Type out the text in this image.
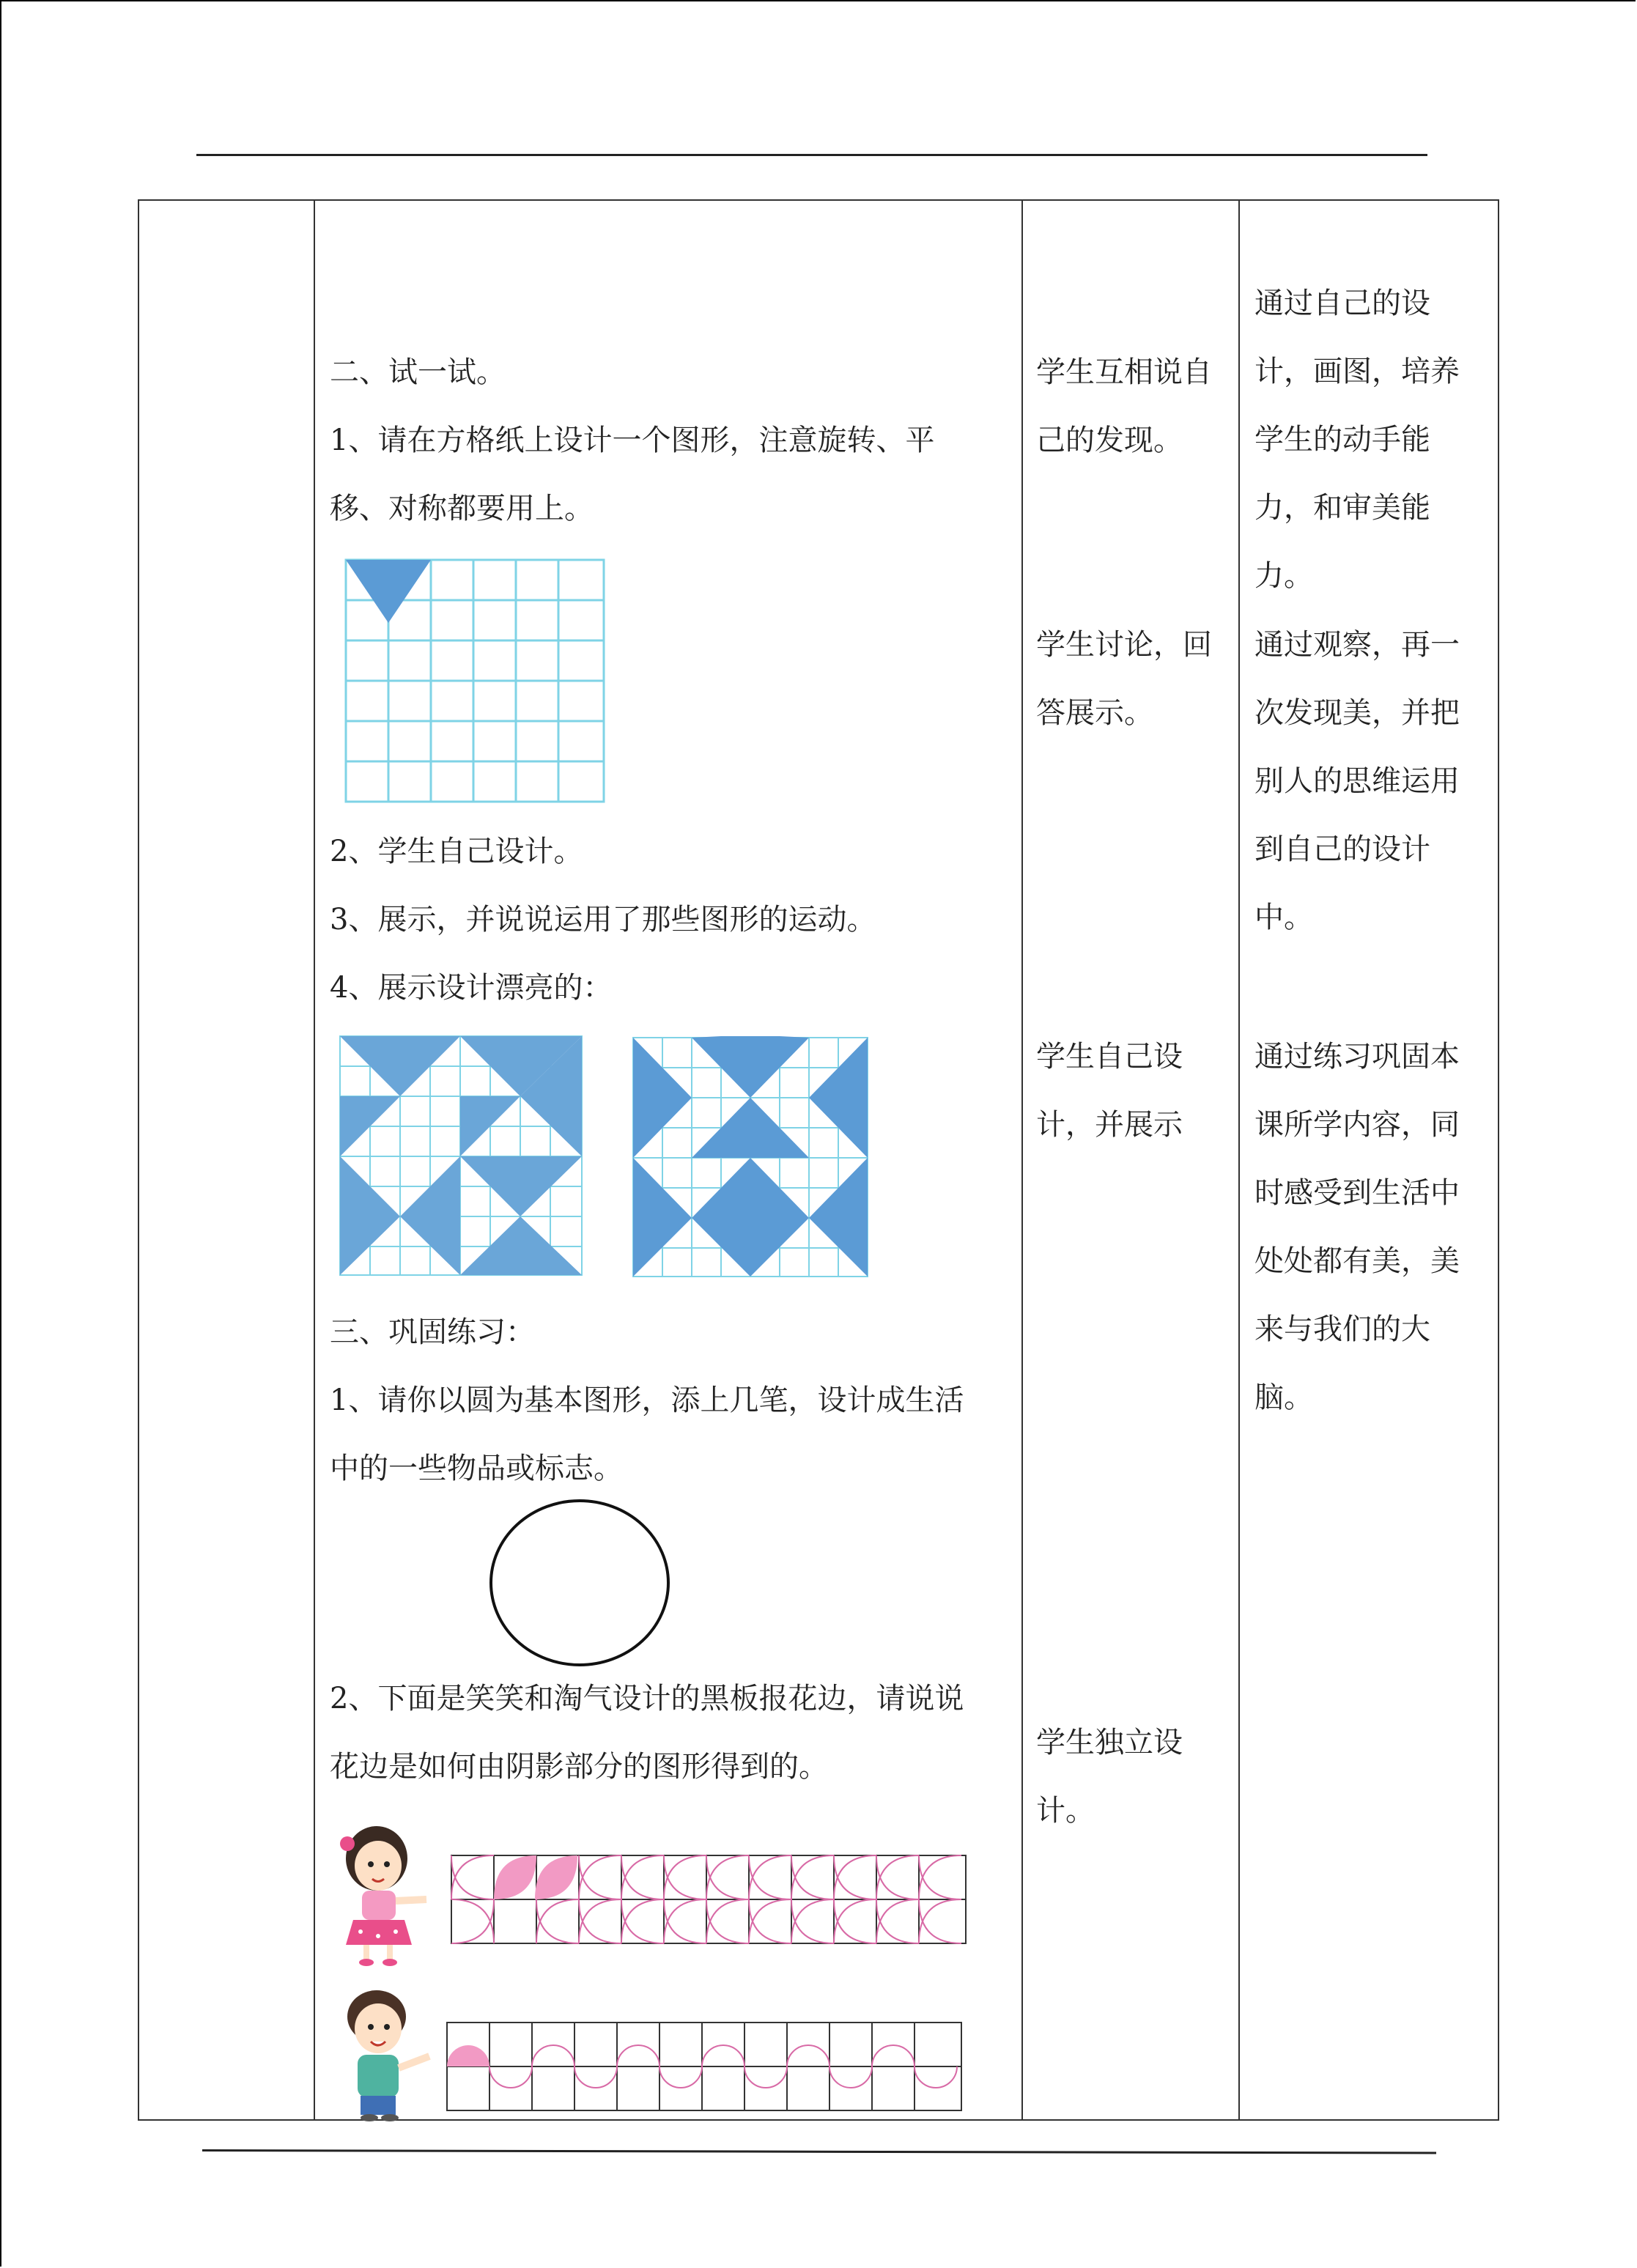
二、试一试。
1、请在方格纸上设计一个图形，注意旋转、平
移、对称都要用上。
2、学生自己设计。
3、展示，并说说运用了那些图形的运动。
4、展示设计漂亮的：
三、巩固练习：
1、请你以圆为基本图形，添上几笔，设计成生活
中的一些物品或标志。
2、下面是笑笑和淘气设计的黑板报花边，请说说
花边是如何由阴影部分的图形得到的。
学生互相说自
己的发现。
学生讨论，回
答展示。
学生自己设
计，并展示
学生独立设
计。
通过自己的设
计，画图，培养
学生的动手能
力，和审美能
力。
通过观察，再一
次发现美，并把
别人的思维运用
到自己的设计
中。
通过练习巩固本
课所学内容，同
时感受到生活中
处处都有美，美
来与我们的大
脑。
